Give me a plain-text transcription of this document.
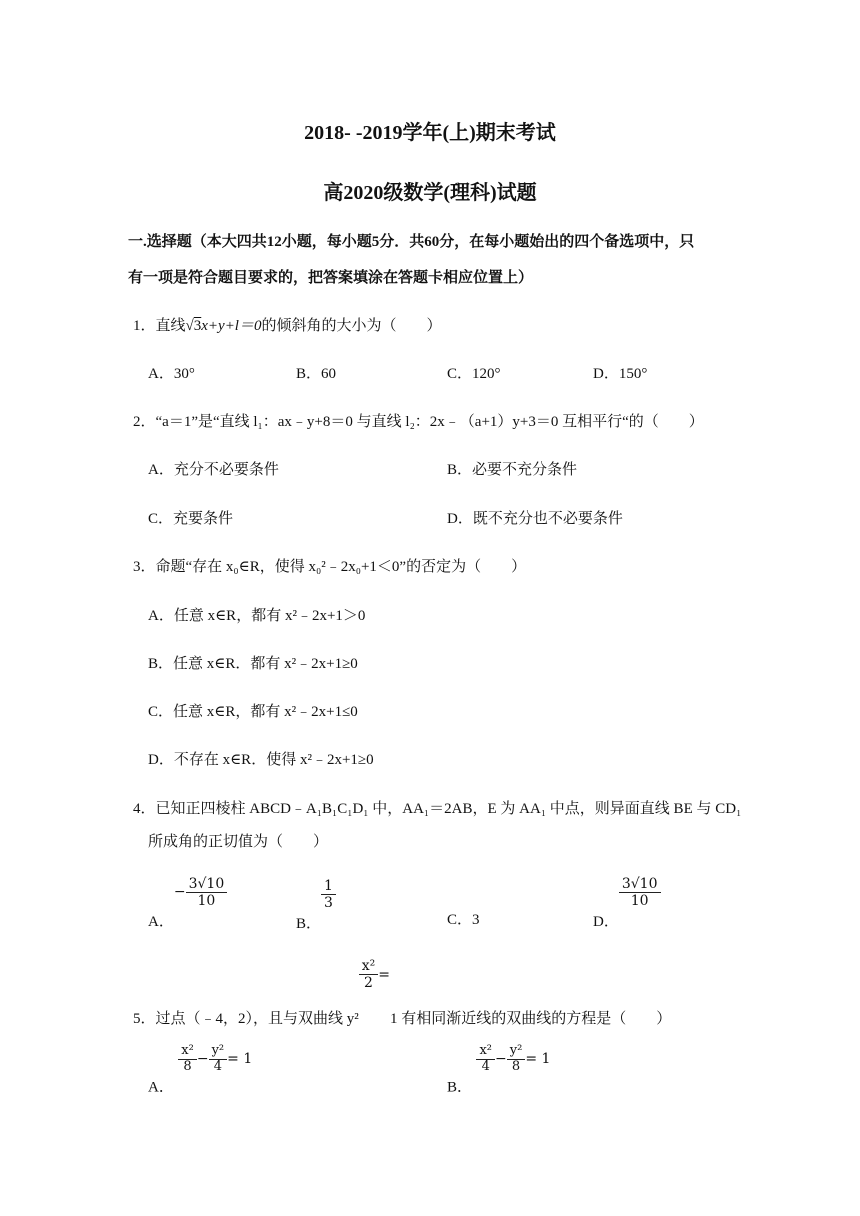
2018- -2019学年(上)期末考试
高2020级数学(理科)试题
一.选择题（本大四共12小题，每小题5分．共60分，在每小题始出的四个备选项中，只
有一项是符合题目要求的，把答案填涂在答题卡相应位置上）
1．直线√3x+y+l＝0的倾斜角的大小为（　　）
A．30°	B．60	C．120°	D．150°
2．“a＝1”是“直线 l₁：ax﹣y+8＝0 与直线 l₂：2x﹣（a+1）y+3＝0 互相平行“的（　　）
A．充分不必要条件	B．必要不充分条件
C．充要条件	D．既不充分也不必要条件
3．命题“存在 x₀∈R，使得 x₀²﹣2x₀+1＜0”的否定为（　　）
A．任意 x∈R，都有 x²﹣2x+1＞0
B．任意 x∈R．都有 x²﹣2x+1≥0
C．任意 x∈R，都有 x²﹣2x+1≤0
D．不存在 x∈R．使得 x²﹣2x+1≥0
4．已知正四棱柱 ABCD﹣A₁B₁C₁D₁ 中，AA₁＝2AB，E 为 AA₁ 中点，则异面直线 BE 与 CD₁
所成角的正切值为（　　）
A．− $\frac{3√10}{10}$
B．
$\frac{1}{3}$
C．3	D．
$\frac{3√10}{10}$
5．过点（﹣4，2），且与双曲线 y²
$\frac{\text{x²}}{2} =1$ 有相同渐近线的双曲线的方程是（　　）
A．
$\frac{\text{x²}}{8} - \frac{\text{y²}}{4} = 1$
B．
$\frac{\text{x²}}{4} - \frac{\text{y²}}{8} = 1$
